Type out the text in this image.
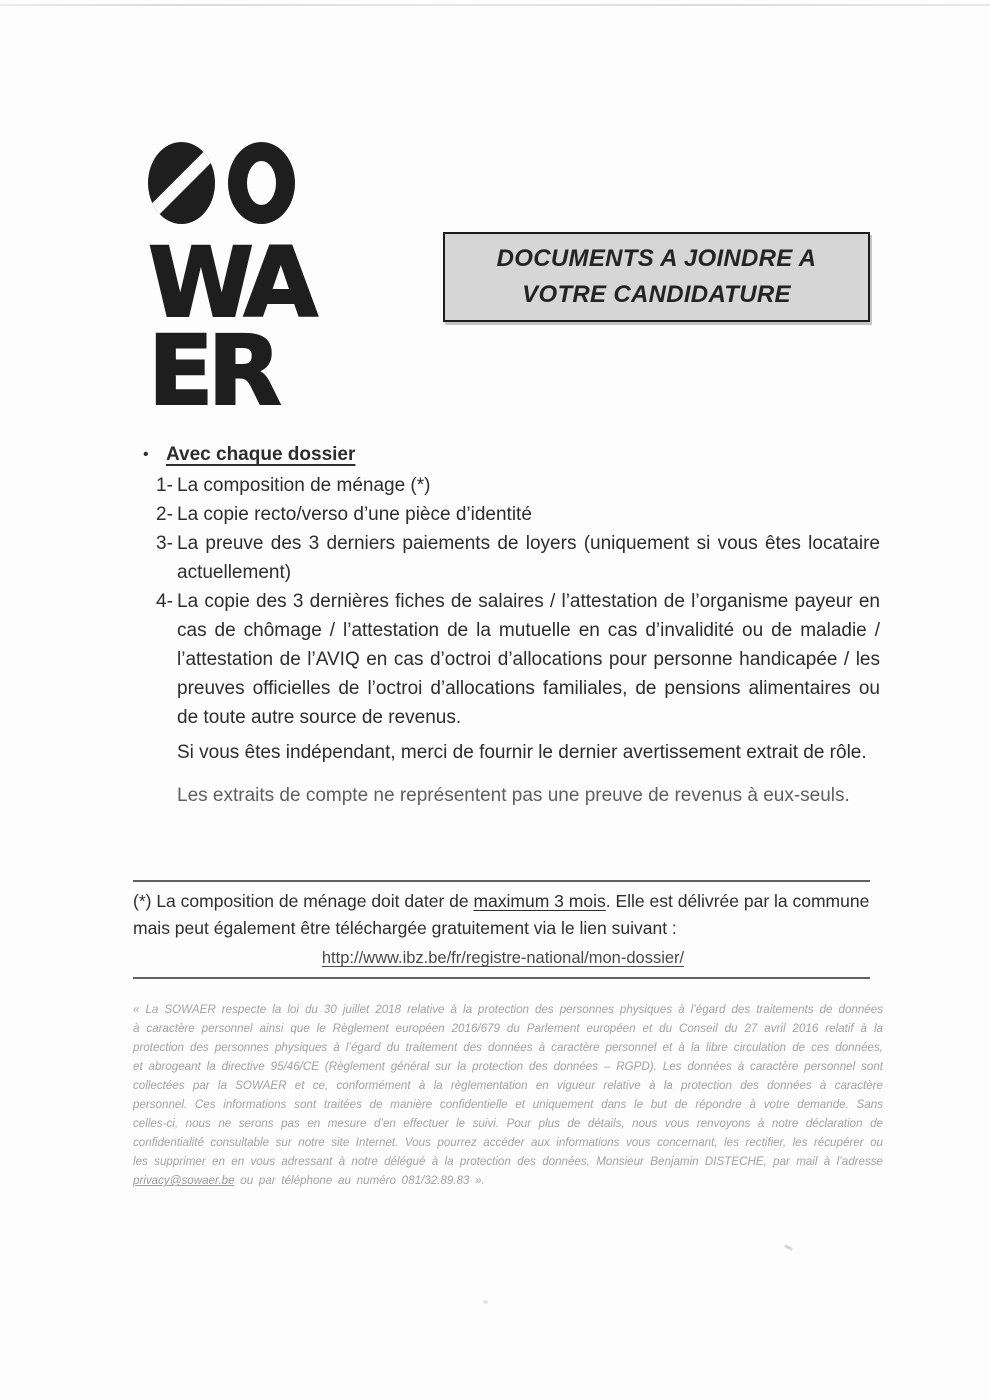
WA
ER
DOCUMENTS A JOINDRE A
VOTRE CANDIDATURE
• Avec chaque dossier
1- La composition de ménage (*)
2- La copie recto/verso d’une pièce d’identité
3- La preuve des 3 derniers paiements de loyers (uniquement si vous êtes locataire actuellement)
4- La copie des 3 dernières fiches de salaires / l’attestation de l’organisme payeur en cas de chômage / l’attestation de la mutuelle en cas d’invalidité ou de maladie / l’attestation de l’AVIQ en cas d’octroi d’allocations pour personne handicapée / les preuves officielles de l’octroi d’allocations familiales, de pensions alimentaires ou de toute autre source de revenus.

Si vous êtes indépendant, merci de fournir le dernier avertissement extrait de rôle.

Les extraits de compte ne représentent pas une preuve de revenus à eux-seuls.

(*) La composition de ménage doit dater de maximum 3 mois. Elle est délivrée par la commune mais peut également être téléchargée gratuitement via le lien suivant :
http://www.ibz.be/fr/registre-national/mon-dossier/
« La SOWAER respecte la loi du 30 juillet 2018 relative à la protection des personnes physiques à l’égard des traitements de données à caractère personnel ainsi que le Règlement européen 2016/679 du Parlement européen et du Conseil du 27 avril 2016 relatif à la protection des personnes physiques à l’égard du traitement des données à caractère personnel et à la libre circulation de ces données, et abrogeant la directive 95/46/CE (Règlement général sur la protection des données – RGPD). Les données à caractère personnel sont collectées par la SOWAER et ce, conformément à la règlementation en vigueur relative à la protection des données à caractère personnel. Ces informations sont traitées de manière confidentielle et uniquement dans le but de répondre à votre demande. Sans celles-ci, nous ne serons pas en mesure d’en effectuer le suivi. Pour plus de détails, nous vous renvoyons à notre déclaration de confidentialité consultable sur notre site Internet. Vous pourrez accéder aux informations vous concernant, les rectifier, les récupérer ou les supprimer en en vous adressant à notre délégué à la protection des données, Monsieur Benjamin DISTECHE, par mail à l’adresse privacy@sowaer.be ou par téléphone au numéro 081/32.89.83 ».
